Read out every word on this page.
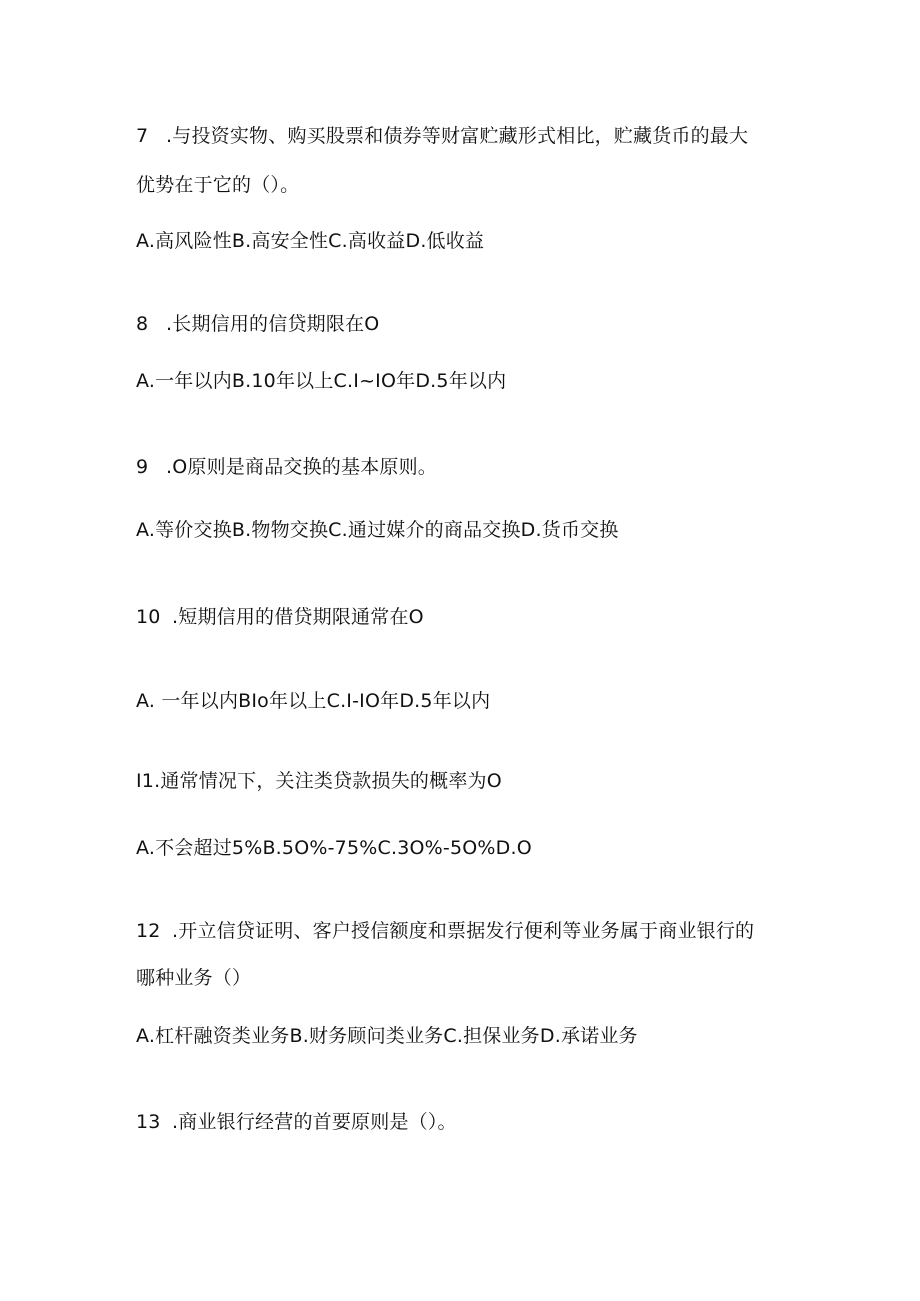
7 .与投资实物、购买股票和债券等财富贮藏形式相比，贮藏货币的最大
优势在于它的（）。
A.高风险性B.高安全性C.高收益D.低收益
8 .长期信用的信贷期限在O
A.一年以内B.10年以上C.I~IO年D.5年以内
9 .O原则是商品交换的基本原则。
A.等价交换B.物物交换C.通过媒介的商品交换D.货币交换
10 .短期信用的借贷期限通常在O
A. 一年以内BIo年以上C.I-IO年D.5年以内
I1.通常情况下，关注类贷款损失的概率为O
A.不会超过5%B.5O%-75%C.3O%-5O%D.O
12 .开立信贷证明、客户授信额度和票据发行便利等业务属于商业银行的
哪种业务（）
A.杠杆融资类业务B.财务顾问类业务C.担保业务D.承诺业务
13 .商业银行经营的首要原则是（）。
